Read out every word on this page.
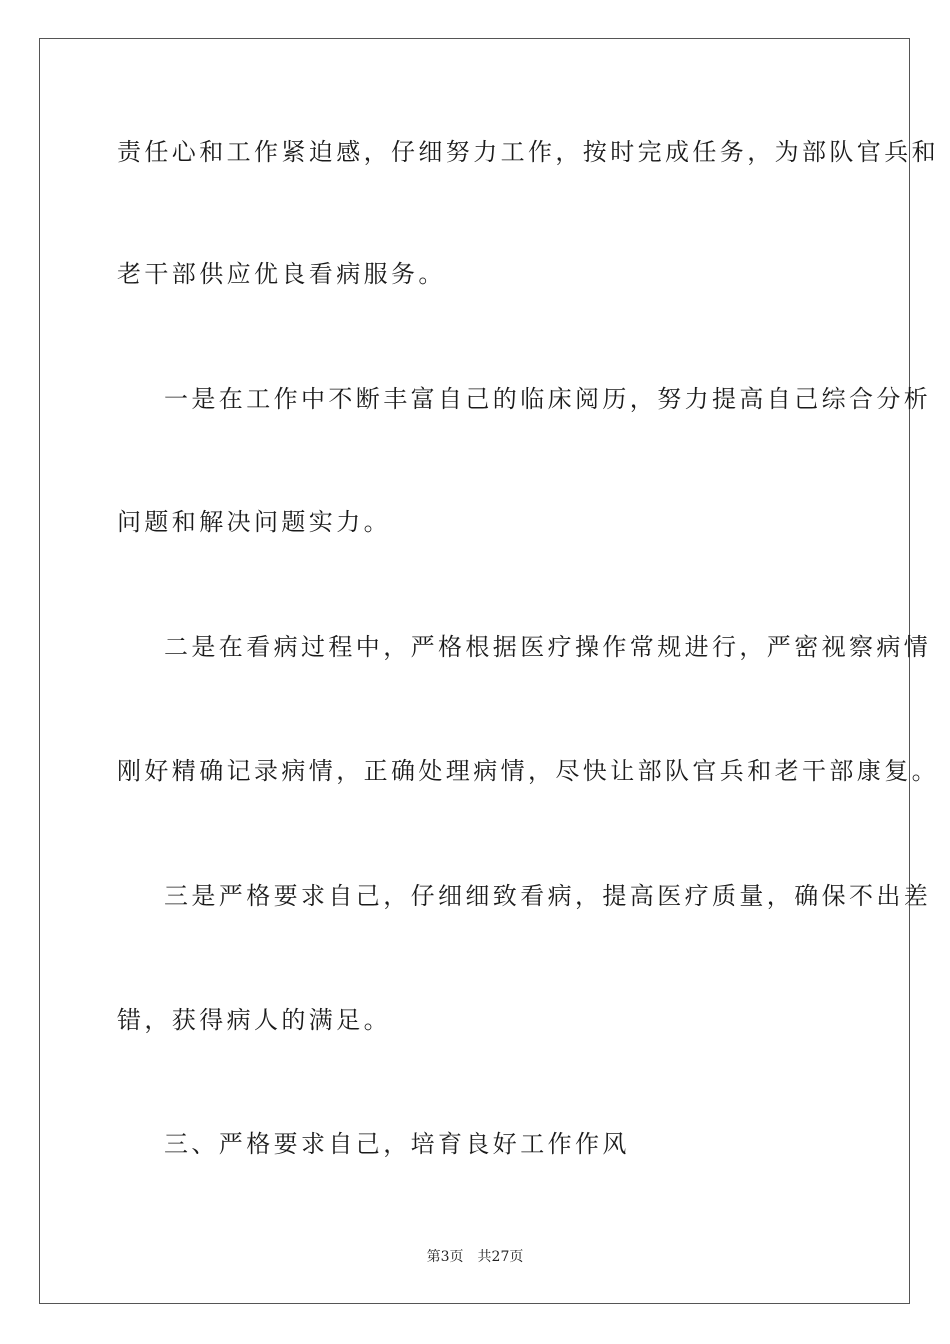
责任心和工作紧迫感，仔细努力工作，按时完成任务，为部队官兵和
老干部供应优良看病服务。
一是在工作中不断丰富自己的临床阅历，努力提高自己综合分析
问题和解决问题实力。
二是在看病过程中，严格根据医疗操作常规进行，严密视察病情
刚好精确记录病情，正确处理病情，尽快让部队官兵和老干部康复。
三是严格要求自己，仔细细致看病，提高医疗质量，确保不出差
错，获得病人的满足。
三、严格要求自己，培育良好工作作风
第3页 共27页
